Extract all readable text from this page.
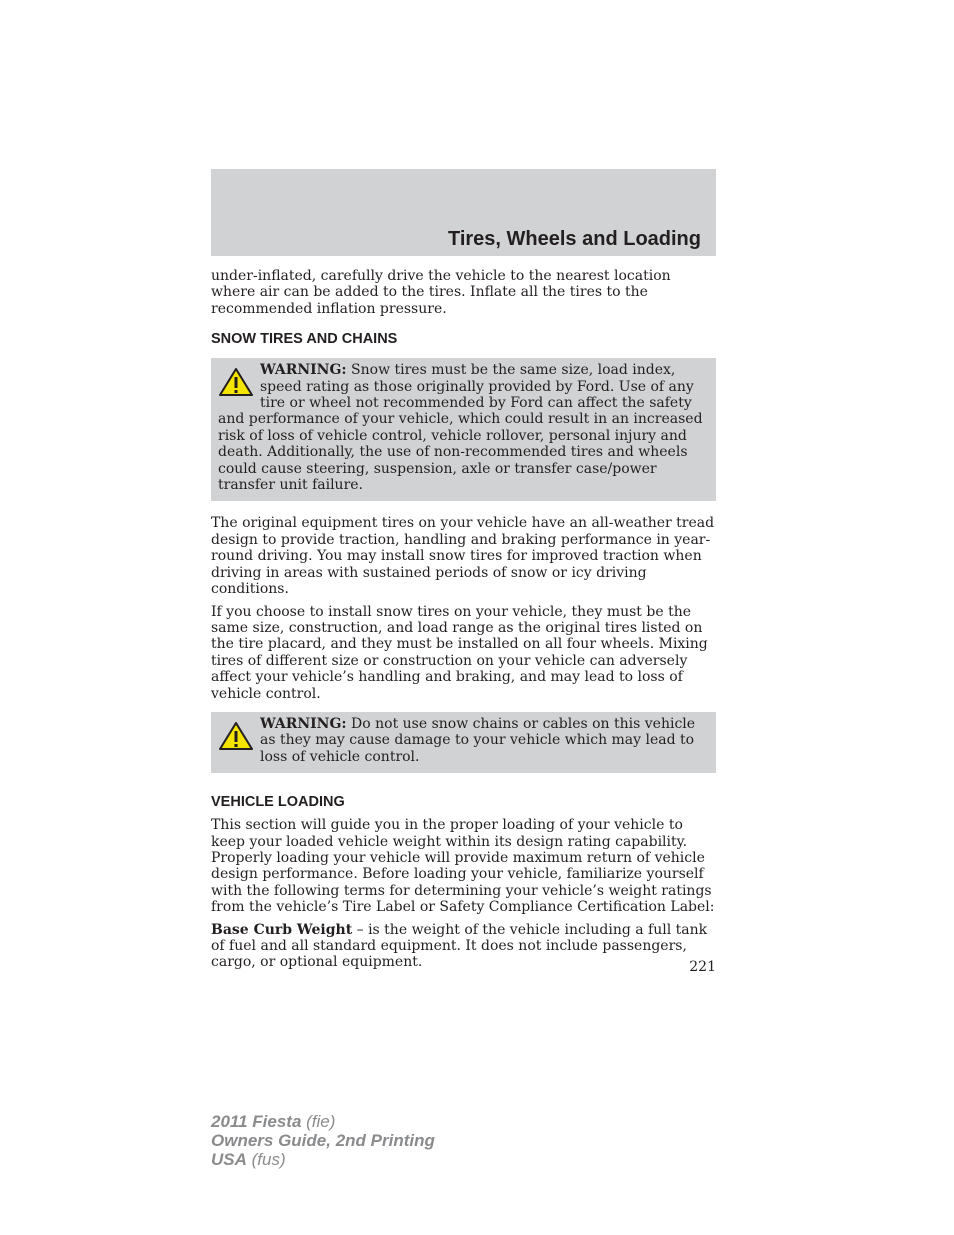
Tires, Wheels and Loading

under-inflated, carefully drive the vehicle to the nearest location where air can be added to the tires. Inflate all the tires to the recommended inflation pressure.

SNOW TIRES AND CHAINS
WARNING: Snow tires must be the same size, load index, speed rating as those originally provided by Ford. Use of any tire or wheel not recommended by Ford can affect the safety and performance of your vehicle, which could result in an increased risk of loss of vehicle control, vehicle rollover, personal injury and death. Additionally, the use of non-recommended tires and wheels could cause steering, suspension, axle or transfer case/power transfer unit failure.

The original equipment tires on your vehicle have an all-weather tread design to provide traction, handling and braking performance in year-round driving. You may install snow tires for improved traction when driving in areas with sustained periods of snow or icy driving conditions.

If you choose to install snow tires on your vehicle, they must be the same size, construction, and load range as the original tires listed on the tire placard, and they must be installed on all four wheels. Mixing tires of different size or construction on your vehicle can adversely affect your vehicle’s handling and braking, and may lead to loss of vehicle control.

WARNING: Do not use snow chains or cables on this vehicle as they may cause damage to your vehicle which may lead to loss of vehicle control.
VEHICLE LOADING

This section will guide you in the proper loading of your vehicle to keep your loaded vehicle weight within its design rating capability. Properly loading your vehicle will provide maximum return of vehicle design performance. Before loading your vehicle, familiarize yourself with the following terms for determining your vehicle’s weight ratings from the vehicle’s Tire Label or Safety Compliance Certification Label:

Base Curb Weight – is the weight of the vehicle including a full tank of fuel and all standard equipment. It does not include passengers, cargo, or optional equipment.	221
2011 Fiesta (fie)
Owners Guide, 2nd Printing
USA (fus)
